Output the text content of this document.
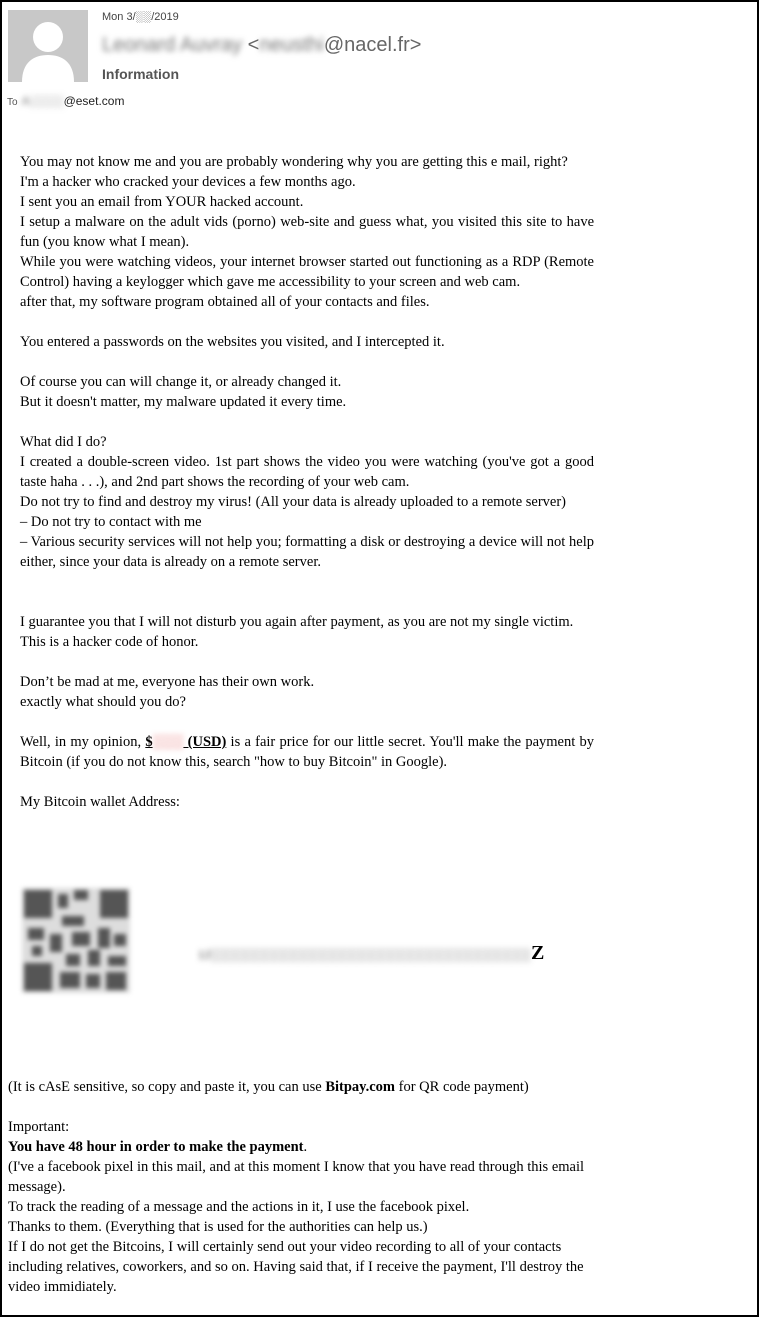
Mon 3/░░/2019
Leonard Auvray <neusthi@nacel.fr>
Information
To A░░░░@eset.com

You may not know me and you are probably wondering why you are getting this e mail, right?
I'm a hacker who cracked your devices a few months ago.
I sent you an email from YOUR hacked account.
I setup a malware on the adult vids (porno) web-site and guess what, you visited this site to have fun (you know what I mean).
While you were watching videos, your internet browser started out functioning as a RDP (Remote Control) having a keylogger which gave me accessibility to your screen and web cam.
after that, my software program obtained all of your contacts and files.

You entered a passwords on the websites you visited, and I intercepted it.

Of course you can will change it, or already changed it.
But it doesn't matter, my malware updated it every time.

What did I do?
I created a double-screen video. 1st part shows the video you were watching (you've got a good taste haha . . .), and 2nd part shows the recording of your web cam.
Do not try to find and destroy my virus! (All your data is already uploaded to a remote server)
– Do not try to contact with me
– Various security services will not help you; formatting a disk or destroying a device will not help either, since your data is already on a remote server.

I guarantee you that I will not disturb you again after payment, as you are not my single victim.
This is a hacker code of honor.

Don’t be mad at me, everyone has their own work.
exactly what should you do?

Well, in my opinion, $░░░ (USD) is a fair price for our little secret. You'll make the payment by Bitcoin (if you do not know this, search "how to buy Bitcoin" in Google).

My Bitcoin wallet Address:

1J░░░░░░░░░░░░░░░░░░░░░░░░░░░░░░░░░Z

(It is cAsE sensitive, so copy and paste it, you can use Bitpay.com for QR code payment)

Important:

You have 48 hour in order to make the payment.

(I've a facebook pixel in this mail, and at this moment I know that you have read through this email message).

To track the reading of a message and the actions in it, I use the facebook pixel.

Thanks to them. (Everything that is used for the authorities can help us.)

If I do not get the Bitcoins, I will certainly send out your video recording to all of your contacts including relatives, coworkers, and so on. Having said that, if I receive the payment, I'll destroy the video immidiately.
